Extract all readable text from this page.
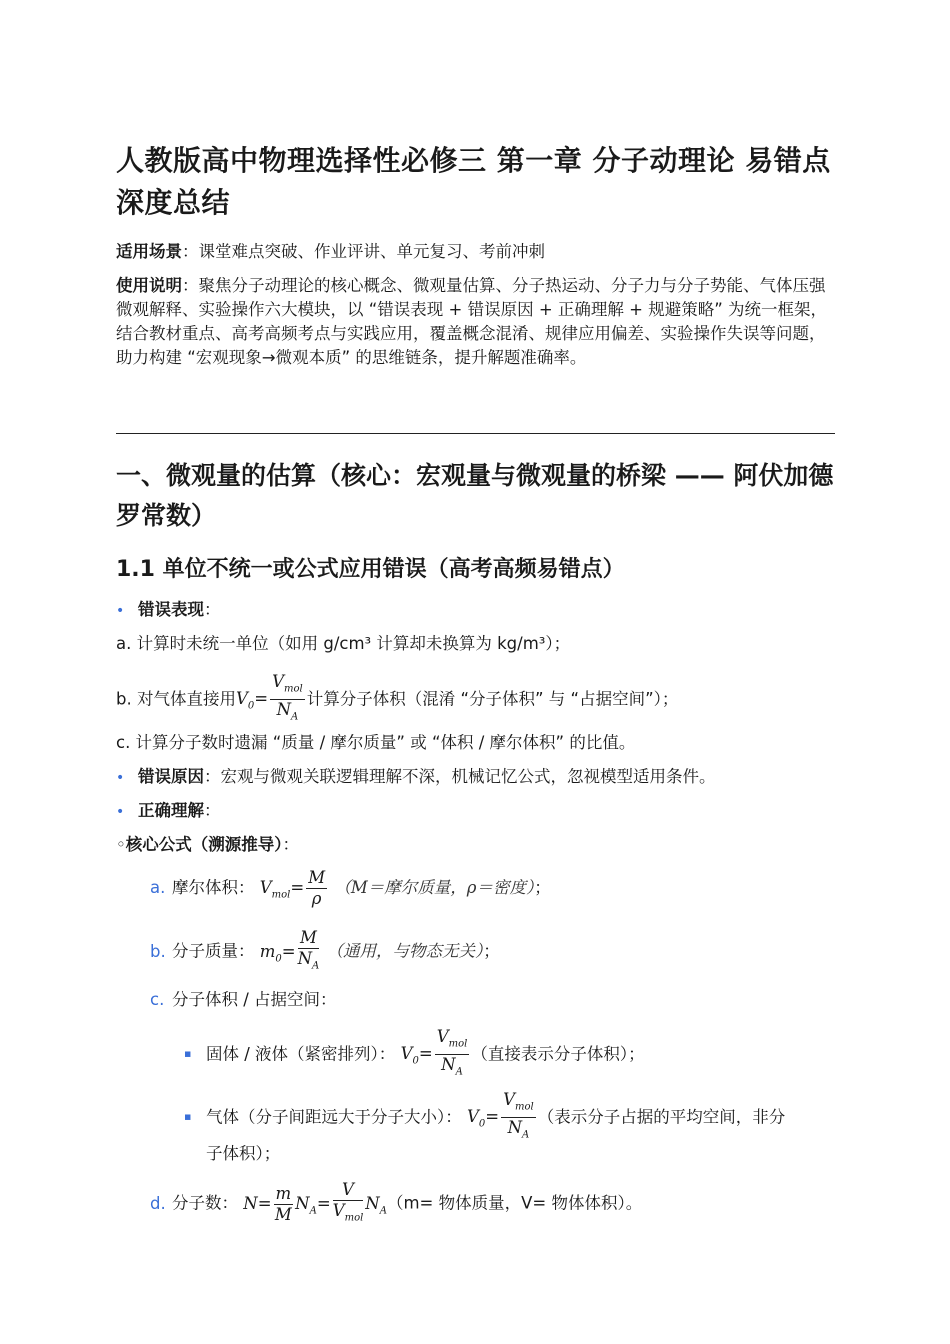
人教版高中物理选择性必修三 第一章 分子动理论 易错点深度总结

适用场景：课堂难点突破、作业评讲、单元复习、考前冲刺

使用说明：聚焦分子动理论的核心概念、微观量估算、分子热运动、分子力与分子势能、气体压强微观解释、实验操作六大模块，以 “错误表现 + 错误原因 + 正确理解 + 规避策略” 为统一框架，结合教材重点、高考高频考点与实践应用，覆盖概念混淆、规律应用偏差、实验操作失误等问题，助力构建 “宏观现象→微观本质” 的思维链条，提升解题准确率。

一、微观量的估算（核心：宏观量与微观量的桥梁 —— 阿伏加德罗常数）
1.1 单位不统一或公式应用错误（高考高频易错点）
• 错误表现：
a. 计算时未统一单位（如用 g/cm³ 计算却未换算为 kg/m³）；
b. 对气体直接用$V_0= \frac{V_{mol}}{N_A}$ 计算分子体积（混淆 “分子体积” 与 “占据空间”）；
c. 计算分子数时遗漏 “质量 / 摩尔质量” 或 “体积 / 摩尔体积” 的比值。
• 错误原因：宏观与微观关联逻辑理解不深，机械记忆公式，忽视模型适用条件。
• 正确理解：
◦核心公式（溯源推导）：
a. 摩尔体积： $V_{mol}= \frac{M}{\rho} (M=$摩尔质量，ρ＝密度）；
b. 分子质量： $m_0= \frac{M}{N_A}$ （通用，与物态无关）；
c. 分子体积 / 占据空间：
▪ 固体 / 液体（紧密排列）： $V_0= \frac{V_{mol}}{N_A}$ （直接表示分子体积）；
▪ 气体（分子间距远大于分子大小）： $V_0= \frac{V_{mol}}{N_A}$ （表示分子占据的平均空间，非分
子体积）；
d. 分子数： $N= \frac{m}{M} N_A= \frac{V}{V_{mol}} N_A(m=$ 物体质量，V= 物体体积）。
